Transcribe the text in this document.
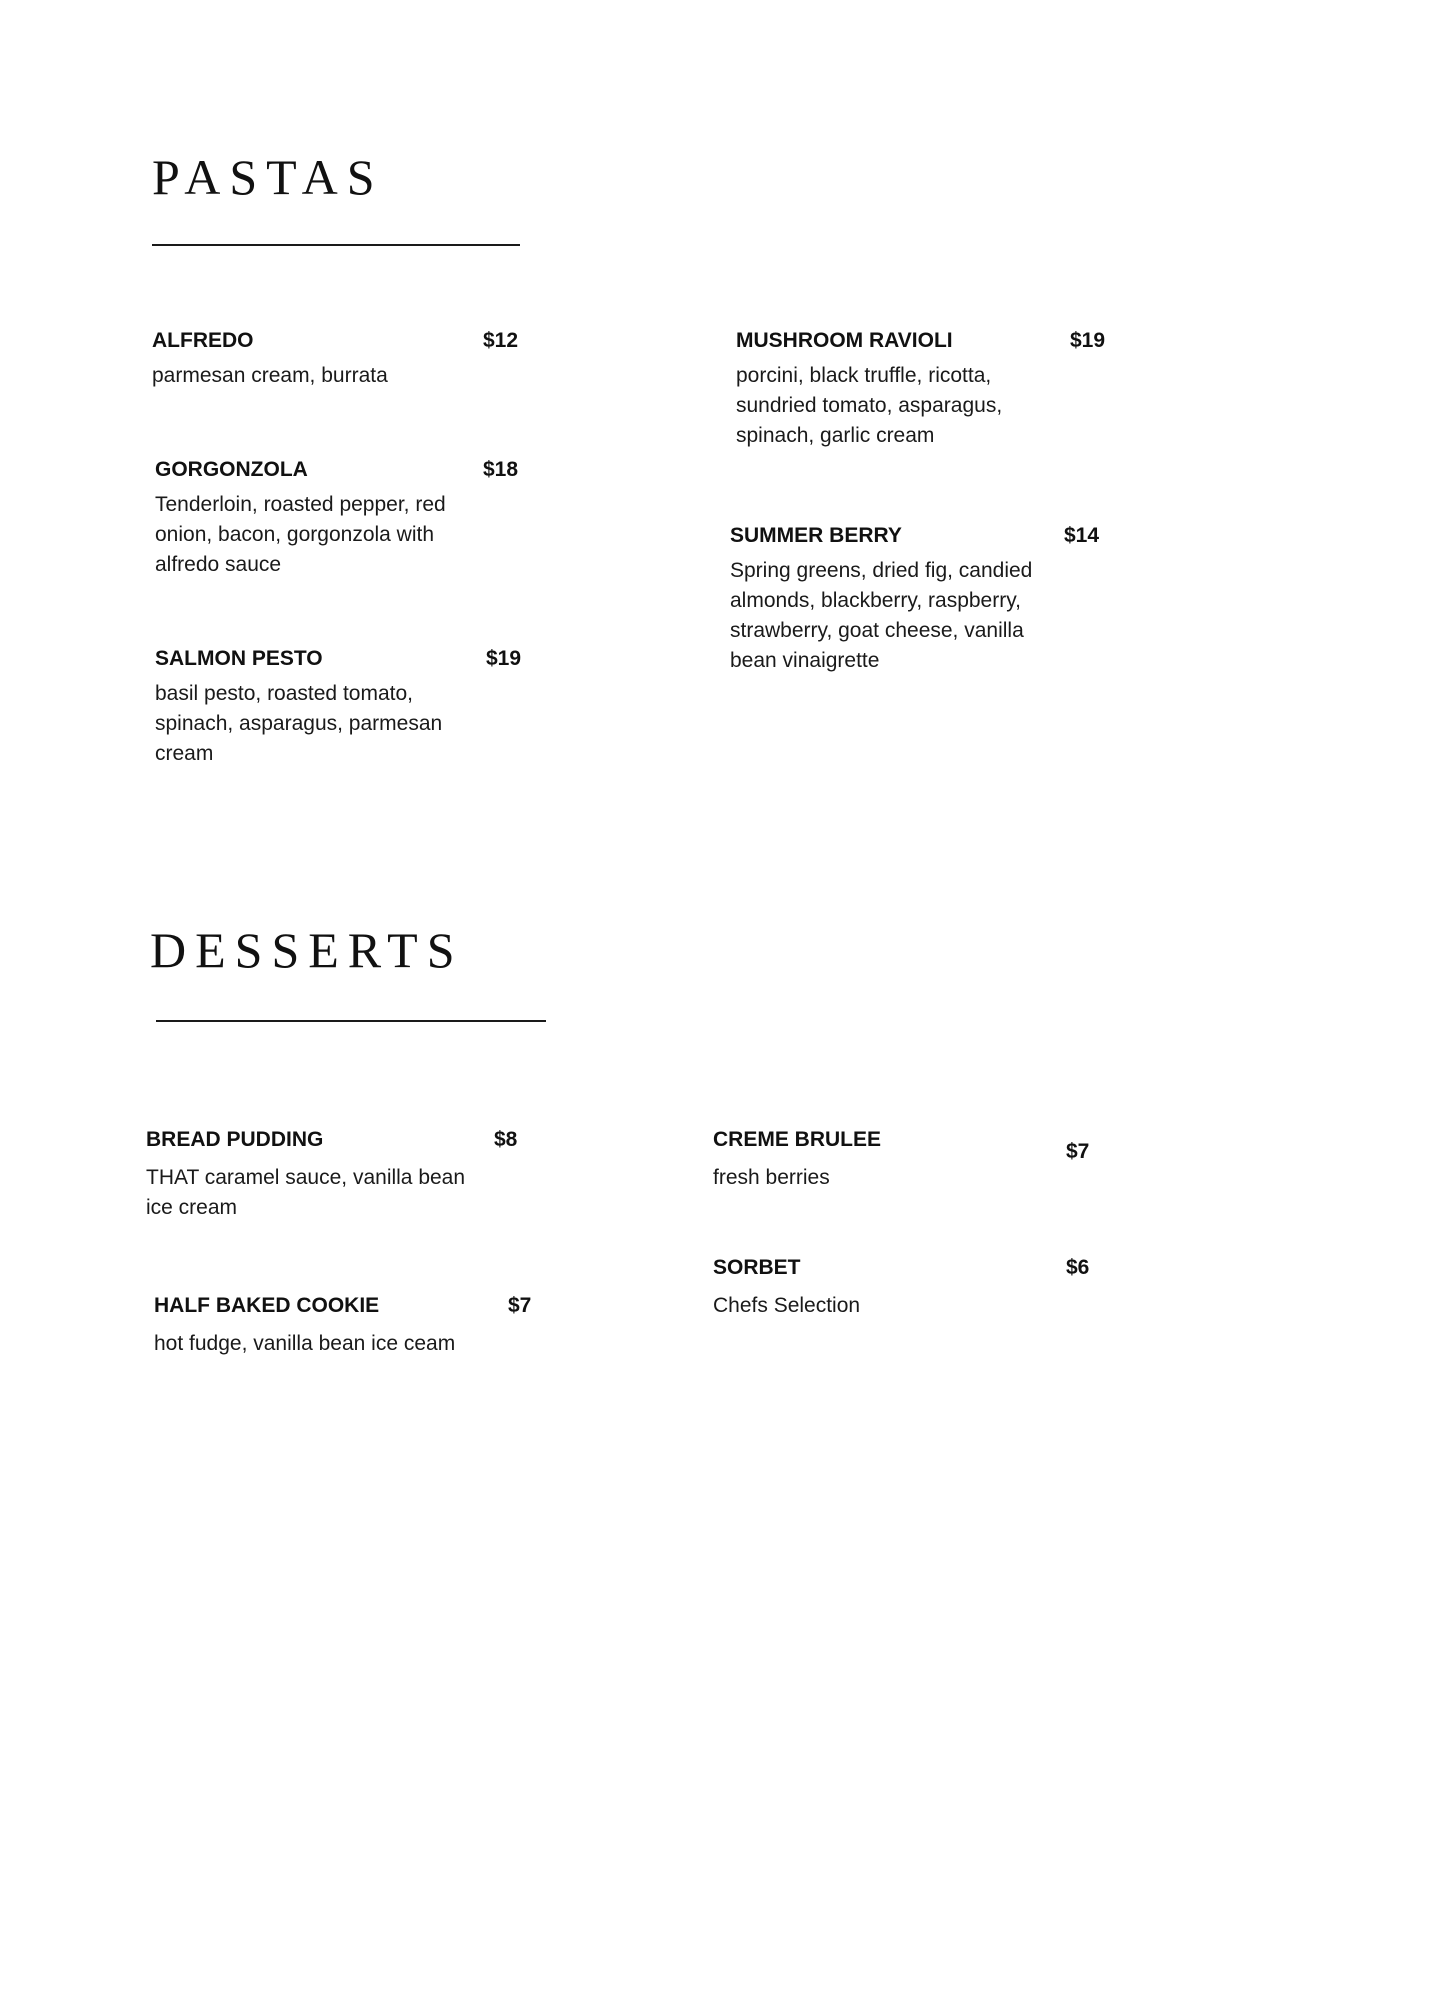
PASTAS
ALFREDO	$12
parmesan cream, burrata
GORGONZOLA	$18
Tenderloin, roasted pepper, red onion, bacon, gorgonzola with alfredo sauce
SALMON PESTO	$19
basil pesto, roasted tomato, spinach, asparagus, parmesan cream
MUSHROOM RAVIOLI	$19
porcini, black truffle, ricotta, sundried tomato, asparagus, spinach, garlic cream
SUMMER BERRY	$14
Spring greens, dried fig, candied almonds, blackberry, raspberry, strawberry, goat cheese, vanilla bean vinaigrette
DESSERTS
BREAD PUDDING	$8
THAT caramel sauce, vanilla bean ice cream
HALF BAKED COOKIE	$7
hot fudge, vanilla bean ice ceam
CREME BRULEE
$7
fresh berries
SORBET	$6
Chefs Selection
